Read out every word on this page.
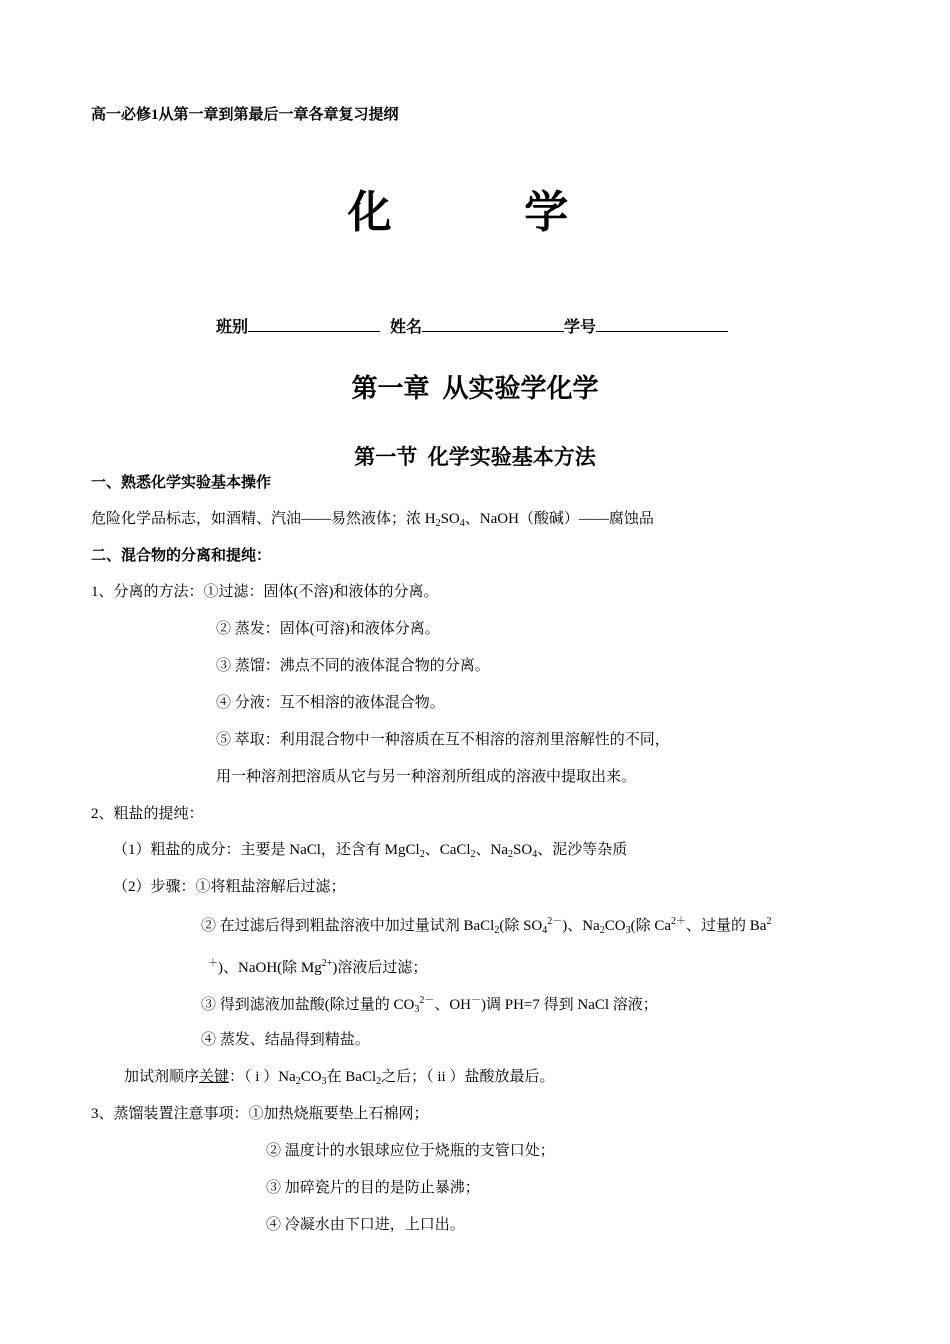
高一必修1从第一章到第最后一章各章复习提纲
化  学
班别	姓名	学号
第一章  从实验学化学
第一节  化学实验基本方法
一、熟悉化学实验基本操作
危险化学品标志，如酒精、汽油——易然液体；浓 $H_2SO_4$、NaOH（酸碱）——腐蚀品
二、混合物的分离和提纯：
1、分离的方法：①过滤：固体(不溶)和液体的分离。
② 蒸发：固体(可溶)和液体分离。
③ 蒸馏：沸点不同的液体混合物的分离。
④ 分液：互不相溶的液体混合物。
⑤ 萃取：利用混合物中一种溶质在互不相溶的溶剂里溶解性的不同，
用一种溶剂把溶质从它与另一种溶剂所组成的溶液中提取出来。
2、粗盐的提纯：
（1）粗盐的成分：主要是 NaCl，还含有 MgCl$_2$、CaCl$_2$、$Na_2SO_4$、泥沙等杂质
（2）步骤：①将粗盐溶解后过滤；
② 在过滤后得到粗盐溶液中加过量试剂 BaCl$_2$(除 $SO_4^{2-}$)、$Na_2CO_3$(除 $Ca^{2+}$、过量的 Ba$^2$
＋)、NaOH(除 $Mg^{2+}$)溶液后过滤；
③ 得到滤液加盐酸(除过量的 $CO_3^{2-}$、OH－)调 PH=7 得到 NaCl 溶液；
④ 蒸发、结晶得到精盐。
加试剂顺序关键：（ i ）$Na_2CO_3$在 BaCl$_2$之后；（ ii ）盐酸放最后。
3、蒸馏装置注意事项：①加热烧瓶要垫上石棉网；
② 温度计的水银球应位于烧瓶的支管口处；
③ 加碎瓷片的目的是防止暴沸；
④ 冷凝水由下口进，上口出。
